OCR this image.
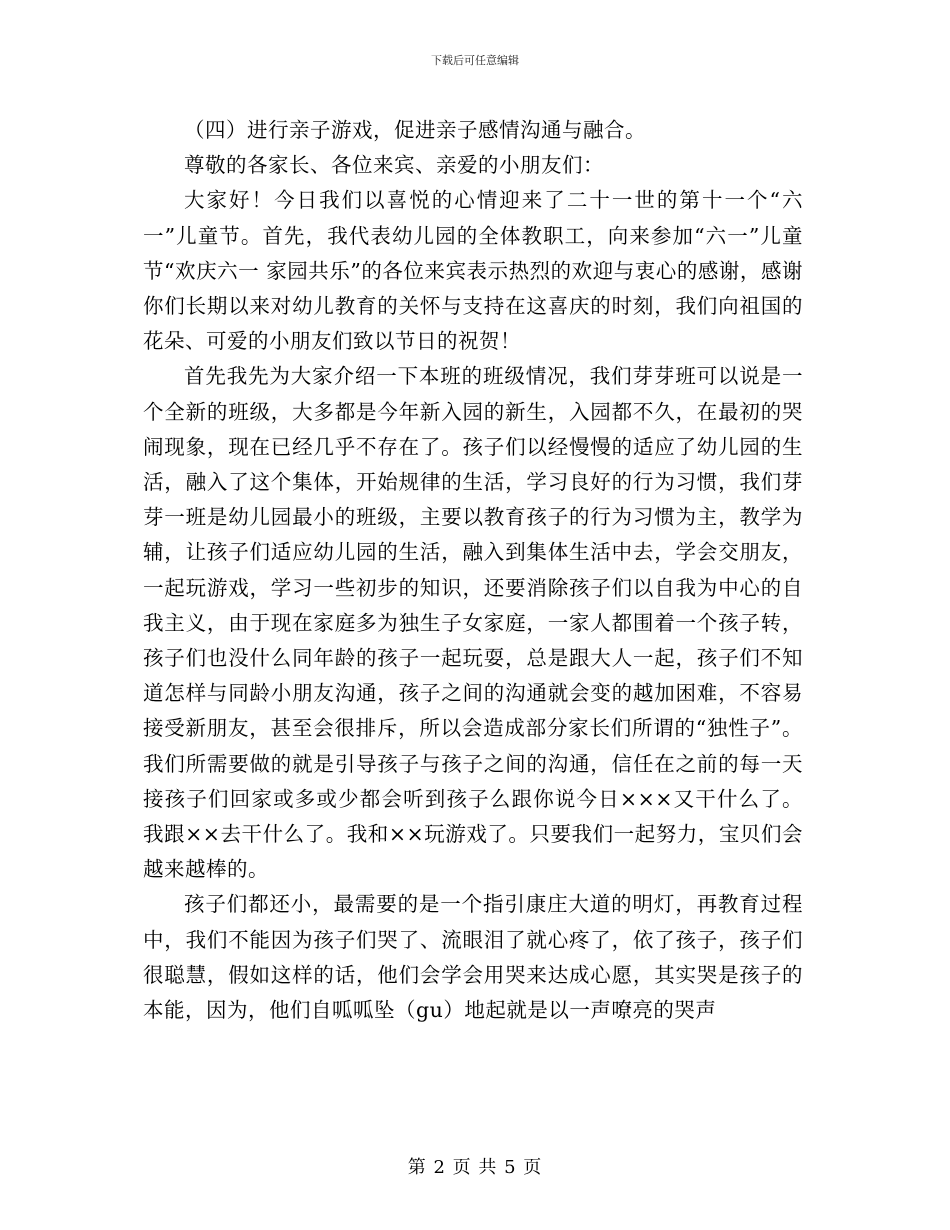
下载后可任意编辑

（四）进行亲子游戏，促进亲子感情沟通与融合。

尊敬的各家长、各位来宾、亲爱的小朋友们：

大家好！今日我们以喜悦的心情迎来了二十一世的第十一个“六一”儿童节。首先，我代表幼儿园的全体教职工，向来参加“六一”儿童节“欢庆六一 家园共乐”的各位来宾表示热烈的欢迎与衷心的感谢，感谢你们长期以来对幼儿教育的关怀与支持在这喜庆的时刻，我们向祖国的花朵、可爱的小朋友们致以节日的祝贺！

首先我先为大家介绍一下本班的班级情况，我们芽芽班可以说是一个全新的班级，大多都是今年新入园的新生，入园都不久，在最初的哭闹现象，现在已经几乎不存在了。孩子们以经慢慢的适应了幼儿园的生活，融入了这个集体，开始规律的生活，学习良好的行为习惯，我们芽芽一班是幼儿园最小的班级，主要以教育孩子的行为习惯为主，教学为辅，让孩子们适应幼儿园的生活，融入到集体生活中去，学会交朋友，一起玩游戏，学习一些初步的知识，还要消除孩子们以自我为中心的自我主义，由于现在家庭多为独生子女家庭，一家人都围着一个孩子转，孩子们也没什么同年龄的孩子一起玩耍，总是跟大人一起，孩子们不知道怎样与同龄小朋友沟通，孩子之间的沟通就会变的越加困难，不容易接受新朋友，甚至会很排斥，所以会造成部分家长们所谓的“独性子”。我们所需要做的就是引导孩子与孩子之间的沟通，信任在之前的每一天接孩子们回家或多或少都会听到孩子么跟你说今日×××又干什么了。我跟××去干什么了。我和××玩游戏了。只要我们一起努力，宝贝们会越来越棒的。

孩子们都还小，最需要的是一个指引康庄大道的明灯，再教育过程中，我们不能因为孩子们哭了、流眼泪了就心疼了，依了孩子，孩子们很聪慧，假如这样的话，他们会学会用哭来达成心愿，其实哭是孩子的本能，因为，他们自呱呱坠（gu）地起就是以一声嘹亮的哭声

第 2 页 共 5 页
